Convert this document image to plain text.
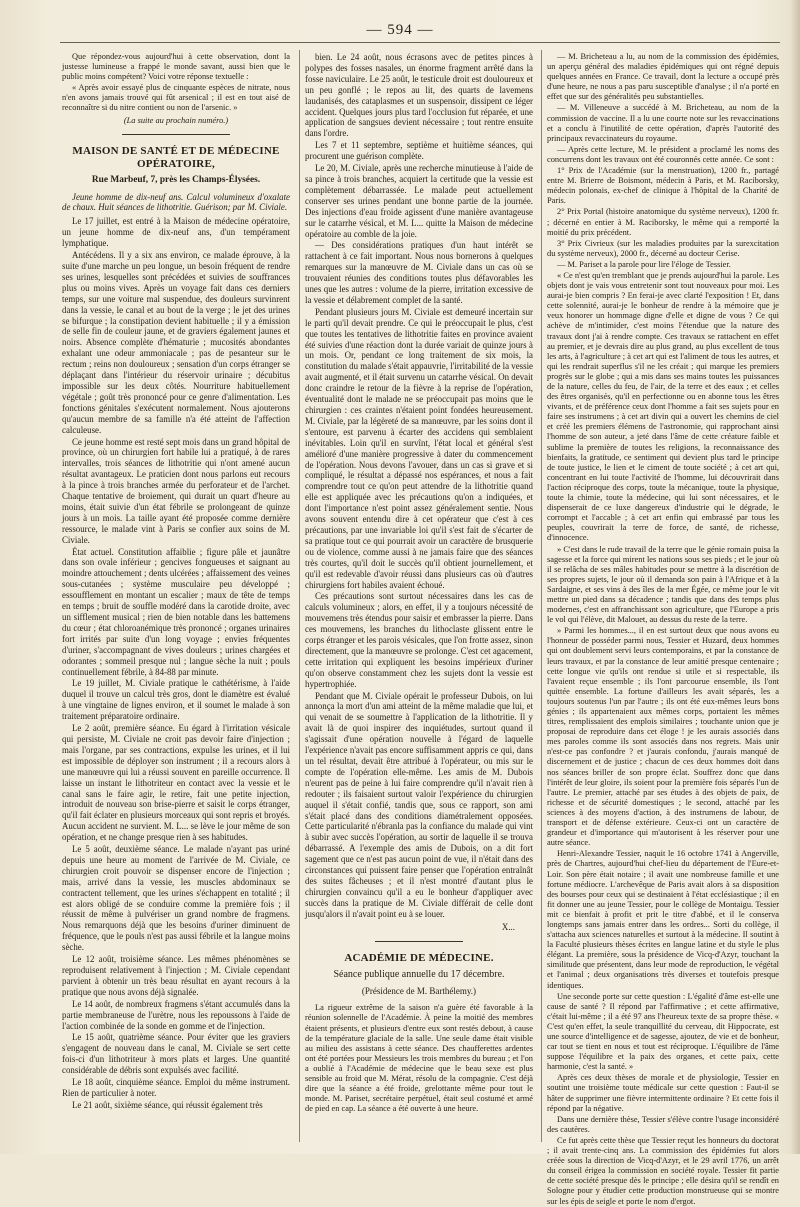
— 594 —

Que répondez-vous aujourd'hui à cette observation, dont la justesse lumineuse a frappé le monde savant, aussi bien que le public moins compétent? Voici votre réponse textuelle :

« Après avoir essayé plus de cinquante espèces de nitrate, nous n'en avons jamais trouvé qui fût arsenical ; il est en tout aisé de reconnaître si du nitre contient ou non de l'arsenic. »

(La suite au prochain numéro.)

MAISON DE SANTÉ ET DE MÉDECINE OPÉRATOIRE,
Rue Marbeuf, 7, près les Champs-Élysées.

Jeune homme de dix-neuf ans. Calcul volumineux d'oxalate de chaux. Huit séances de lithotritie. Guérison; par M. Civiale.

Le 17 juillet, est entré à la Maison de médecine opératoire, un jeune homme de dix-neuf ans, d'un tempérament lymphatique.

Antécédens. Il y a six ans environ, ce malade éprouve, à la suite d'une marche un peu longue, un besoin fréquent de rendre ses urines, lesquelles sont précédées et suivies de souffrances plus ou moins vives. Après un voyage fait dans ces derniers temps, sur une voiture mal suspendue, des douleurs survinrent dans la vessie, le canal et au bout de la verge ; le jet des urines se bifurque ; la constipation devient habituelle ; il y a émission de selle fin de couleur jaune, et de graviers également jaunes et noirs. Absence complète d'hématurie ; mucosités abondantes exhalant une odeur ammoniacale ; pas de pesanteur sur le rectum ; reins non douloureux ; sensation d'un corps étranger se déplaçant dans l'intérieur du réservoir urinaire ; décubitus impossible sur les deux côtés. Nourriture habituellement végétale ; goût très prononcé pour ce genre d'alimentation. Les fonctions génitales s'exécutent normalement. Nous ajouterons qu'aucun membre de sa famille n'a été atteint de l'affection calculeuse.

Ce jeune homme est resté sept mois dans un grand hôpital de province, où un chirurgien fort habile lui a pratiqué, à de rares intervalles, trois séances de lithotritie qui n'ont amené aucun résultat avantageux. Le praticien dont nous parlons eut recours à la pince à trois branches armée du perforateur et de l'archet. Chaque tentative de broiement, qui durait un quart d'heure au moins, était suivie d'un état fébrile se prolongeant de quinze jours à un mois. La taille ayant été proposée comme dernière ressource, le malade vint à Paris se confier aux soins de M. Civiale.

État actuel. Constitution affaiblie ; figure pâle et jaunâtre dans son ovale inférieur ; gencives fongueuses et saignant au moindre attouchement ; dents ulcérées ; affaissement des veines sous-cutanées ; système musculaire peu développé ; essoufflement en montant un escalier ; maux de tête de temps en temps ; bruit de souffle modéré dans la carotide droite, avec un sifflement musical ; rien de bien notable dans les battemens du cœur ; état chloroanémique très prononcé ; organes urinaires fort irrités par suite d'un long voyage ; envies fréquentes d'uriner, s'accompagnant de vives douleurs ; urines chargées et odorantes ; sommeil presque nul ; langue sèche la nuit ; pouls continuellement fébrile, à 84-88 par minute.

Le 19 juillet, M. Civiale pratique le cathétérisme, à l'aide duquel il trouve un calcul très gros, dont le diamètre est évalué à une vingtaine de lignes environ, et il soumet le malade à son traitement préparatoire ordinaire.

Le 2 août, première séance. Eu égard à l'irritation vésicale qui persiste, M. Civiale ne croit pas devoir faire d'injection ; mais l'organe, par ses contractions, expulse les urines, et il lui est impossible de déployer son instrument ; il a recours alors à une manœuvre qui lui a réussi souvent en pareille occurrence. Il laisse un instant le lithotriteur en contact avec la vessie et le canal sans le faire agir, le retire, fait une petite injection, introduit de nouveau son brise-pierre et saisit le corps étranger, qu'il fait éclater en plusieurs morceaux qui sont repris et broyés. Aucun accident ne survient. M. L... se lève le jour même de son opération, et ne change presque rien à ses habitudes.

Le 5 août, deuxième séance. Le malade n'ayant pas uriné depuis une heure au moment de l'arrivée de M. Civiale, ce chirurgien croit pouvoir se dispenser encore de l'injection ; mais, arrivé dans la vessie, les muscles abdominaux se contractent tellement, que les urines s'échappent en totalité ; il est alors obligé de se conduire comme la première fois ; il réussit de même à pulvériser un grand nombre de fragmens. Nous remarquons déjà que les besoins d'uriner diminuent de fréquence, que le pouls n'est pas aussi fébrile et la langue moins sèche.

Le 12 août, troisième séance. Les mêmes phénomènes se reproduisent relativement à l'injection ; M. Civiale cependant parvient à obtenir un très beau résultat en ayant recours à la pratique que nous avons déjà signalée.

Le 14 août, de nombreux fragmens s'étant accumulés dans la partie membraneuse de l'urètre, nous les repoussons à l'aide de l'action combinée de la sonde en gomme et de l'injection.

Le 15 août, quatrième séance. Pour éviter que les graviers s'engagent de nouveau dans le canal, M. Civiale se sert cette fois-ci d'un lithotriteur à mors plats et larges. Une quantité considérable de débris sont expulsés avec facilité.

Le 18 août, cinquième séance. Emploi du même instrument. Rien de particulier à noter.

Le 21 août, sixième séance, qui réussit également très

bien. Le 24 août, nous écrasons avec de petites pinces à polypes des fosses nasales, un énorme fragment arrêté dans la fosse naviculaire. Le 25 août, le testicule droit est douloureux et un peu gonflé ; le repos au lit, des quarts de lavemens laudanisés, des cataplasmes et un suspensoir, dissipent ce léger accident. Quelques jours plus tard l'occlusion fut réparée, et une application de sangsues devient nécessaire ; tout rentre ensuite dans l'ordre.

Les 7 et 11 septembre, septième et huitième séances, qui procurent une guérison complète.

Le 20, M. Civiale, après une recherche minutieuse à l'aide de sa pince à trois branches, acquiert la certitude que la vessie est complètement débarrassée. Le malade peut actuellement conserver ses urines pendant une bonne partie de la journée. Des injections d'eau froide agissent d'une manière avantageuse sur le catarrhe vésical, et M. L... quitte la Maison de médecine opératoire au comble de la joie.

— Des considérations pratiques d'un haut intérêt se rattachent à ce fait important. Nous nous bornerons à quelques remarques sur la manœuvre de M. Civiale dans un cas où se trouvaient réunies des conditions toutes plus défavorables les unes que les autres : volume de la pierre, irritation excessive de la vessie et délabrement complet de la santé.

Pendant plusieurs jours M. Civiale est demeuré incertain sur le parti qu'il devait prendre. Ce qui le préoccupait le plus, c'est que toutes les tentatives de lithotritie faites en province avaient été suivies d'une réaction dont la durée variait de quinze jours à un mois. Or, pendant ce long traitement de six mois, la constitution du malade s'était appauvrie, l'irritabilité de la vessie avait augmenté, et il était survenu un catarrhe vésical. On devait donc craindre le retour de la fièvre à la reprise de l'opération, éventualité dont le malade ne se préoccupait pas moins que le chirurgien : ces craintes n'étaient point fondées heureusement. M. Civiale, par la légèreté de sa manœuvre, par les soins dont il s'entoure, est parvenu à écarter des accidens qui semblaient inévitables. Loin qu'il en survînt, l'état local et général s'est amélioré d'une manière progressive à dater du commencement de l'opération. Nous devons l'avouer, dans un cas si grave et si compliqué, le résultat a dépassé nos espérances, et nous a fait comprendre tout ce qu'on peut attendre de la lithotritie quand elle est appliquée avec les précautions qu'on a indiquées, et dont l'importance n'est point assez généralement sentie. Nous avons souvent entendu dire à cet opérateur que c'est à ces précautions, par une invariable loi qu'il s'est fait de s'écarter de sa pratique tout ce qui pourrait avoir un caractère de brusquerie ou de violence, comme aussi à ne jamais faire que des séances très courtes, qu'il doit le succès qu'il obtient journellement, et qu'il est redevable d'avoir réussi dans plusieurs cas où d'autres chirurgiens fort habiles avaient échoué.

Ces précautions sont surtout nécessaires dans les cas de calculs volumineux ; alors, en effet, il y a toujours nécessité de mouvemens très étendus pour saisir et embrasser la pierre. Dans ces mouvemens, les branches du lithoclaste glissent entre le corps étranger et les parois vésicales, que l'on frotte assez, sinon directement, que la manœuvre se prolonge. C'est cet agacement, cette irritation qui expliquent les besoins impérieux d'uriner qu'on observe constamment chez les sujets dont la vessie est hypertrophiée.

Pendant que M. Civiale opérait le professeur Dubois, on lui annonça la mort d'un ami atteint de la même maladie que lui, et qui venait de se soumettre à l'application de la lithotritie. Il y avait là de quoi inspirer des inquiétudes, surtout quand il s'agissait d'une opération nouvelle à l'égard de laquelle l'expérience n'avait pas encore suffisamment appris ce qui, dans un tel résultat, devait être attribué à l'opérateur, ou mis sur le compte de l'opération elle-même. Les amis de M. Dubois n'eurent pas de peine à lui faire comprendre qu'il n'avait rien à redouter ; ils faisaient surtout valoir l'expérience du chirurgien auquel il s'était confié, tandis que, sous ce rapport, son ami s'était placé dans des conditions diamétralement opposées. Cette particularité n'ébranla pas la confiance du malade qui vint à subir avec succès l'opération, au sortir de laquelle il se trouva débarrassé. A l'exemple des amis de Dubois, on a dit fort sagement que ce n'est pas aucun point de vue, il n'était dans des circonstances qui puissent faire penser que l'opération entraînât des suites fâcheuses ; et il n'est montré d'autant plus le chirurgien convaincu qu'il a eu le bonheur d'appliquer avec succès dans la pratique de M. Civiale différait de celle dont jusqu'alors il n'avait point eu à se louer.

X...
ACADÉMIE DE MÉDECINE.
Séance publique annuelle du 17 décembre.
(Présidence de M. Barthélemy.)

La rigueur extrême de la saison n'a guère été favorable à la réunion solennelle de l'Académie. À peine la moitié des membres étaient présents, et plusieurs d'entre eux sont restés debout, à cause de la température glaciale de la salle. Une seule dame était visible au milieu des assistans à cette séance. Des chaufferettes ardentes ont été portées pour Messieurs les trois membres du bureau ; et l'on a oublié à l'Académie de médecine que le beau sexe est plus sensible au froid que M. Mérat, résolu de la compagnie. C'est déjà dire que la séance a été froide, grelottante même pour tout le monde. M. Pariset, secrétaire perpétuel, était seul costumé et armé de pied en cap. La séance a été ouverte à une heure.

— M. Bricheteau a lu, au nom de la commission des épidémies, un aperçu général des maladies épidémiques qui ont régné depuis quelques années en France. Ce travail, dont la lecture a occupé près d'une heure, ne nous a pas paru susceptible d'analyse ; il n'a porté en effet que sur des généralités peu substantielles.

— M. Villeneuve a succédé à M. Bricheteau, au nom de la commission de vaccine. Il a lu une courte note sur les revaccinations et a conclu à l'inutilité de cette opération, d'après l'autorité des principaux revaccinateurs du royaume.

— Après cette lecture, M. le président a proclamé les noms des concurrens dont les travaux ont été couronnés cette année. Ce sont :

1° Prix de l'Académie (sur la menstruation), 1200 fr., partagé entre M. Brierre de Boismont, médecin à Paris, et M. Raciborsky, médecin polonais, ex-chef de clinique à l'hôpital de la Charité de Paris.

2° Prix Portal (histoire anatomique du système nerveux), 1200 fr. ; décerné en entier à M. Raciborsky, le même qui a remporté la moitié du prix précédent.

3° Prix Civrieux (sur les maladies produites par la surexcitation du système nerveux), 2000 fr., décerné au docteur Cerise.

— M. Pariset a la parole pour lire l'éloge de Tessier.

« Ce n'est qu'en tremblant que je prends aujourd'hui la parole. Les objets dont je vais vous entretenir sont tout nouveaux pour moi. Les aurai-je bien compris ? En ferai-je avec clarté l'exposition ! Et, dans cette solennité, aurai-je le bonheur de rendre à la mémoire que je veux honorer un hommage digne d'elle et digne de vous ? Ce qui achève de m'intimider, c'est moins l'étendue que la nature des travaux dont j'ai à rendre compte. Ces travaux se rattachent en effet au premier, et je devrais dire au plus grand, au plus excellent de tous les arts, à l'agriculture ; à cet art qui est l'aliment de tous les autres, et qui les rendrait superflus s'il ne les créait ; qui marque les premiers progrès sur le globe ; qui a mis dans ses mains toutes les puissances de la nature, celles du feu, de l'air, de la terre et des eaux ; et celles des êtres organisés, qu'il en perfectionne ou en abonne tous les êtres vivants, et de préférence ceux dont l'homme a fait ses sujets pour en faire ses instrumens ; à cet art divin qui a ouvert les chemins de ciel et créé les premiers élémens de l'astronomie, qui rapprochant ainsi l'homme de son auteur, a jeté dans l'âme de cette créature faible et sublime la première de toutes les religions, la reconnaissance des bienfaits, la gratitude, ce sentiment qui devient plus tard le principe de toute justice, le lien et le ciment de toute société ; à cet art qui, concentrant en lui toute l'activité de l'homme, lui découvrirait dans l'action réciproque des corps, toute la mécanique, toute la physique, toute la chimie, toute la médecine, qui lui sont nécessaires, et le dispenserait de ce luxe dangereux d'industrie qui le dégrade, le corrompt et l'accable ; à cet art enfin qui embrassé par tous les peuples, couvrirait la terre de force, de santé, de richesse, d'innocence.

» C'est dans le rude travail de la terre que le génie romain puisa la sagesse et la force qui mirent les nations sous ses pieds ; et le jour où il se relâcha de ses mâles habitudes pour se mettre à la discrétion de ses propres sujets, le jour où il demanda son pain à l'Afrique et à la Sardaigne, et ses vins à des îles de la mer Égée, ce même jour le vit mettre un pied dans sa décadence ; tandis que dans des temps plus modernes, c'est en affranchissant son agriculture, que l'Europe a pris le vol qui l'élève, dit Malouet, au dessus du reste de la terre.

» Parmi les hommes..., il en est surtout deux que nous avons eu l'honneur de posséder parmi nous, Tessier et Huzard, deux hommes qui ont doublement servi leurs contemporains, et par la constance de leurs travaux, et par la constance de leur amitié presque centenaire ; cette longue vie qu'ils ont rendue si utile et si respectable, ils l'avaient reçue ensemble ; ils l'ont parcourue ensemble, ils l'ont quittée ensemble. La fortune d'ailleurs les avait séparés, les a toujours soutenus l'un par l'autre ; ils ont été eux-mêmes leurs bons génies ; ils appartenaient aux mêmes corps, portaient les mêmes titres, remplissaient des emplois similaires ; touchante union que je proposai de reproduire dans cet éloge ! je les aurais associés dans mes paroles comme ils sont associés dans nos regrets. Mais unir n'est-ce pas confondre ? et j'aurais confondu, j'aurais manqué de discernement et de justice ; chacun de ces deux hommes doit dans nos séances briller de son propre éclat. Souffrez donc que dans l'intérêt de leur gloire, ils soient pour la première fois séparés l'un de l'autre. Le premier, attaché par ses études à des objets de paix, de richesse et de sécurité domestiques ; le second, attaché par les sciences à des moyens d'action, à des instrumens de labour, de transport et de défense extérieure. Ceux-ci ont un caractère de grandeur et d'importance qui m'autorisent à les réserver pour une autre séance.

Henri-Alexandre Tessier, naquit le 16 octobre 1741 à Angerville, près de Chartres, aujourd'hui chef-lieu du département de l'Eure-et-Loir. Son père était notaire ; il avait une nombreuse famille et une fortune médiocre. L'archevêque de Paris avait alors à sa disposition des bourses pour ceux qui se destinaient à l'état ecclésiastique ; il en fit donner une au jeune Tessier, pour le collège de Montaigu. Tessier mit ce bienfait à profit et prit le titre d'abbé, et il le conserva longtemps sans jamais entrer dans les ordres... Sorti du collège, il s'attacha aux sciences naturelles et surtout à la médecine. Il soutint à la Faculté plusieurs thèses écrites en langue latine et du style le plus élégant. La première, sous la présidence de Vicq-d'Azyr, touchant la similitude que présentent, dans leur mode de reproduction, le végétal et l'animal ; deux organisations très diverses et toutefois presque identiques.

Une seconde porte sur cette question : L'égalité d'âme est-elle une cause de santé ? Il répond par l'affirmative ; et cette affirmative, c'était lui-même ; il a été 97 ans l'heureux texte de sa propre thèse. « C'est qu'en effet, la seule tranquillité du cerveau, dit Hippocrate, est une source d'intelligence et de sagesse, ajoutez, de vie et de bonheur, car tout se tient en nous et tout est réciproque. L'équilibre de l'âme suppose l'équilibre et la paix des organes, et cette paix, cette harmonie, c'est la santé. »

Après ces deux thèses de morale et de physiologie, Tessier en soutint une troisième toute médicale sur cette question : Faut-il se hâter de supprimer une fièvre intermittente ordinaire ? Et cette fois il répond par la négative.

Dans une dernière thèse, Tessier s'élève contre l'usage inconsidéré des cautères.

Ce fut après cette thèse que Tessier reçut les honneurs du doctorat ; il avait trente-cinq ans. La commission des épidémies fut alors créée sous la direction de Vicq-d'Azyr, et le 29 avril 1776, un arrêt du conseil érigea la commission en société royale. Tessier fit partie de cette société presque dès le principe ; elle désira qu'il se rendît en Sologne pour y étudier cette production monstrueuse qui se montre sur les épis de seigle et porte le nom d'ergot.
